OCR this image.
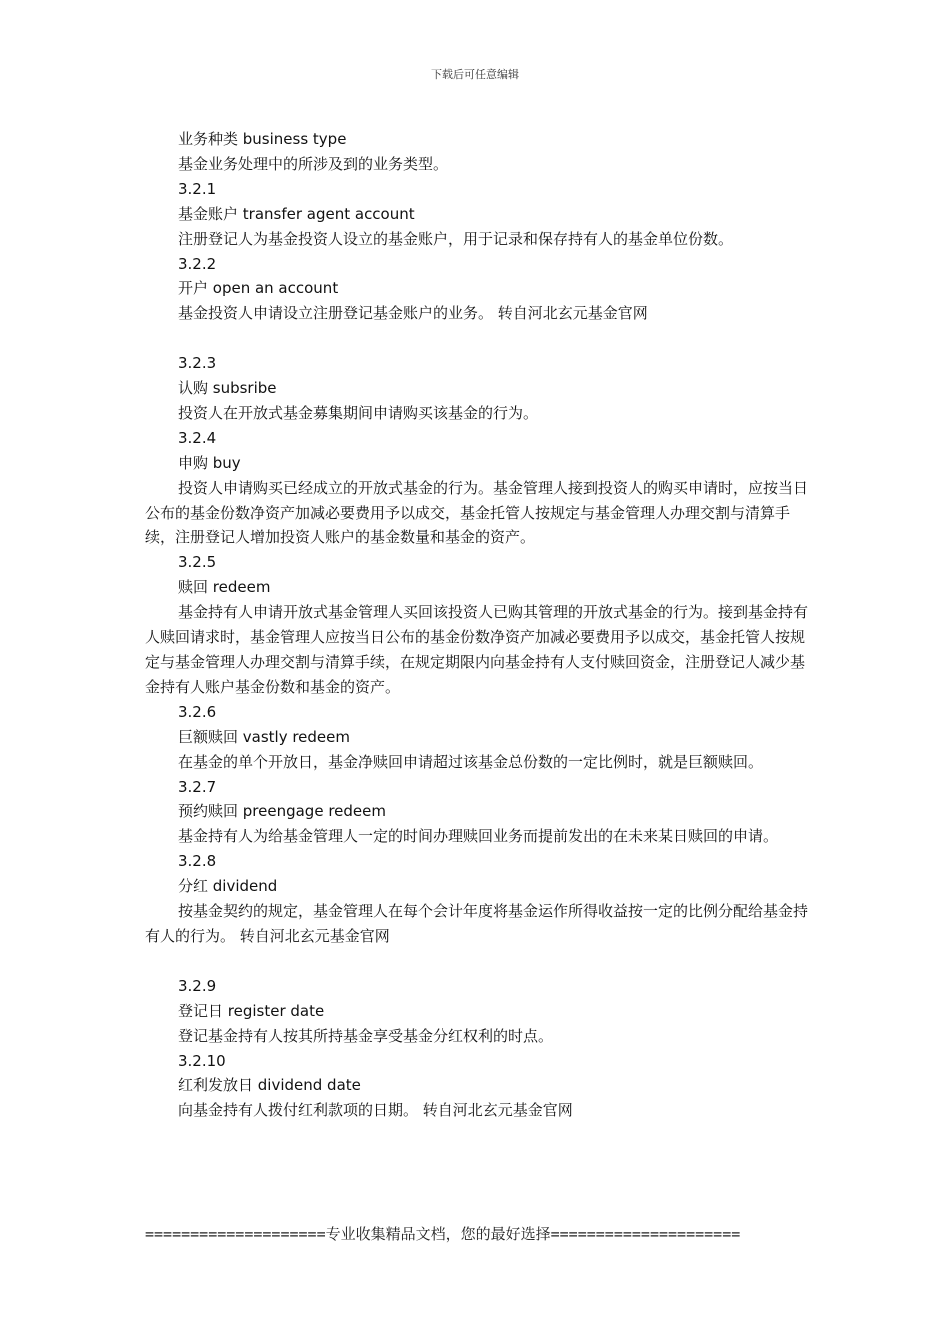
下载后可任意编辑
业务种类 business type
基金业务处理中的所涉及到的业务类型。
3.2.1
基金账户 transfer agent account
注册登记人为基金投资人设立的基金账户，用于记录和保存持有人的基金单位份数。
3.2.2
开户 open an account
基金投资人申请设立注册登记基金账户的业务。 转自河北玄元基金官网
3.2.3
认购 subsribe
投资人在开放式基金募集期间申请购买该基金的行为。
3.2.4
申购 buy
投资人申请购买已经成立的开放式基金的行为。基金管理人接到投资人的购买申请时，应按当日公布的基金份数净资产加减必要费用予以成交，基金托管人按规定与基金管理人办理交割与清算手续，注册登记人增加投资人账户的基金数量和基金的资产。
3.2.5
赎回 redeem
基金持有人申请开放式基金管理人买回该投资人已购其管理的开放式基金的行为。接到基金持有人赎回请求时，基金管理人应按当日公布的基金份数净资产加减必要费用予以成交，基金托管人按规定与基金管理人办理交割与清算手续，在规定期限内向基金持有人支付赎回资金，注册登记人减少基金持有人账户基金份数和基金的资产。
3.2.6
巨额赎回 vastly redeem
在基金的单个开放日，基金净赎回申请超过该基金总份数的一定比例时，就是巨额赎回。
3.2.7
预约赎回 preengage redeem
基金持有人为给基金管理人一定的时间办理赎回业务而提前发出的在未来某日赎回的申请。
3.2.8
分红 dividend
按基金契约的规定，基金管理人在每个会计年度将基金运作所得收益按一定的比例分配给基金持有人的行为。 转自河北玄元基金官网
3.2.9
登记日 register date
登记基金持有人按其所持基金享受基金分红权利的时点。
3.2.10
红利发放日 dividend date
向基金持有人拨付红利款项的日期。 转自河北玄元基金官网
====================专业收集精品文档，您的最好选择=====================
